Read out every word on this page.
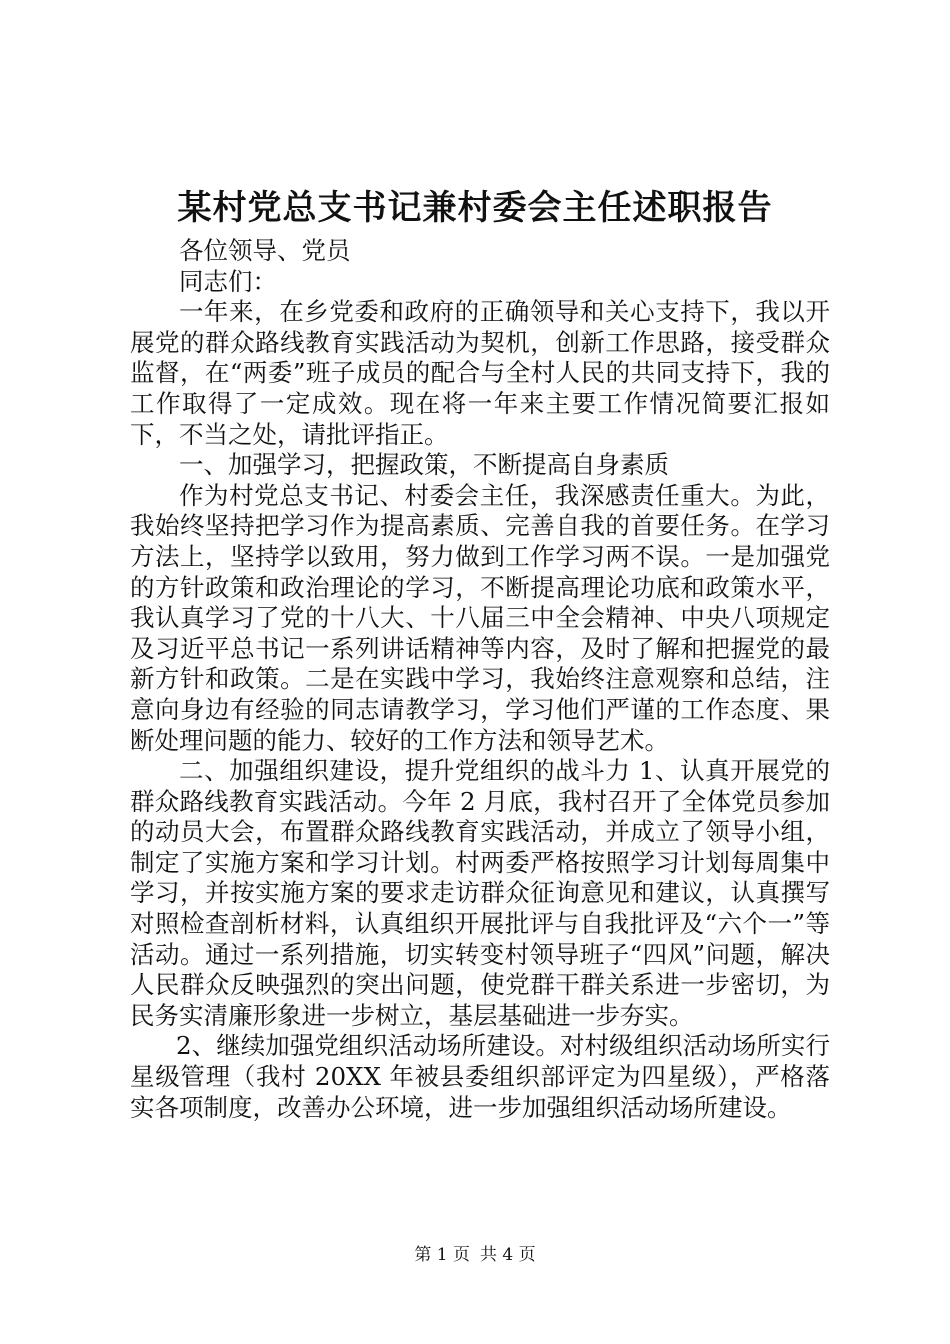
某村党总支书记兼村委会主任述职报告

各位领导、党员

同志们：

一年来，在乡党委和政府的正确领导和关心支持下，我以开展党的群众路线教育实践活动为契机，创新工作思路，接受群众监督，在“两委”班子成员的配合与全村人民的共同支持下，我的工作取得了一定成效。现在将一年来主要工作情况简要汇报如下，不当之处，请批评指正。

一、加强学习，把握政策，不断提高自身素质

作为村党总支书记、村委会主任，我深感责任重大。为此，我始终坚持把学习作为提高素质、完善自我的首要任务。在学习方法上，坚持学以致用，努力做到工作学习两不误。一是加强党的方针政策和政治理论的学习，不断提高理论功底和政策水平，我认真学习了党的十八大、十八届三中全会精神、中央八项规定及习近平总书记一系列讲话精神等内容，及时了解和把握党的最新方针和政策。二是在实践中学习，我始终注意观察和总结，注意向身边有经验的同志请教学习，学习他们严谨的工作态度、果断处理问题的能力、较好的工作方法和领导艺术。

二、加强组织建设，提升党组织的战斗力 1、认真开展党的群众路线教育实践活动。今年 2 月底，我村召开了全体党员参加的动员大会，布置群众路线教育实践活动，并成立了领导小组，制定了实施方案和学习计划。村两委严格按照学习计划每周集中学习，并按实施方案的要求走访群众征询意见和建议，认真撰写对照检查剖析材料，认真组织开展批评与自我批评及“六个一”等活动。通过一系列措施，切实转变村领导班子“四风”问题，解决人民群众反映强烈的突出问题，使党群干群关系进一步密切，为民务实清廉形象进一步树立，基层基础进一步夯实。

2、继续加强党组织活动场所建设。对村级组织活动场所实行星级管理（我村 20XX 年被县委组织部评定为四星级），严格落实各项制度，改善办公环境，进一步加强组织活动场所建设。

第 1 页 共 4 页
